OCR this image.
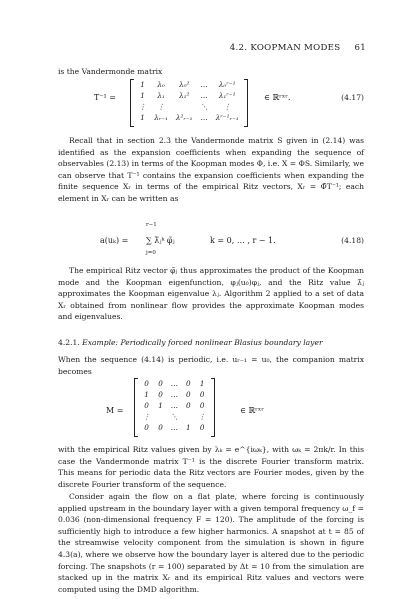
4.2. KOOPMAN MODES 61
is the Vandermonde matrix
T⁻¹ =
1	λ₀	λ₀²	…	λ₀ʳ⁻¹
1	λ₁	λ₁²	…	λ₁ʳ⁻¹
⋮	⋮		⋱	⋮
1	λᵣ₋₁	λ²ᵣ₋₁	…	λʳ⁻¹ᵣ₋₁
∈ ℝʳˣʳ.	(4.17)
Recall that in section 2.3 the Vandermonde matrix S given in (2.14) was identified as the expansion coefficients when expanding the sequence of observables (2.13) in terms of the Koopman modes Φ, i.e. X = ΦS. Similarly, we can observe that T⁻¹ contains the expansion coefficients when expanding the finite sequence Xᵣ in terms of the empirical Ritz vectors, Xᵣ = Φ̃T⁻¹; each element in Xᵣ can be written as
a(uₖ) =
r−1
∑ λ̃ⱼᵏ φ̃ⱼ
j=0
k = 0, … , r − 1.	(4.18)
The empirical Ritz vector φ̃ⱼ thus approximates the product of the Koopman mode and the Koopman eigenfunction, φⱼ(u₀)φⱼ, and the Ritz value λ̃ⱼ approximates the Koopman eigenvalue λⱼ. Algorithm 2 applied to a set of data Xᵣ obtained from nonlinear flow provides the approximate Koopman modes and eigenvalues.
4.2.1. Example: Periodically forced nonlinear Blasius boundary layer
When the sequence (4.14) is periodic, i.e. uᵣ₋₁ = u₀, the companion matrix becomes
M =
0	0	…	0	1
1	0	…	0	0
0	1	…	0	0
⋮		⋱		⋮
0	0	…	1	0
∈ ℝʳˣʳ
with the empirical Ritz values given by λₖ = e^{iωₖ}, with ωₖ = 2πk/r. In this case the Vandermonde matrix T⁻¹ is the discrete Fourier transform matrix. This means for periodic data the Ritz vectors are Fourier modes, given by the discrete Fourier transform of the sequence.
Consider again the flow on a flat plate, where forcing is continuously applied upstream in the boundary layer with a given temporal frequency ω_f = 0.036 (non-dimensional frequency F = 120). The amplitude of the forcing is sufficiently high to introduce a few higher harmonics. A snapshot at t = 85 of the streamwise velocity component from the simulation is shown in figure 4.3(a), where we observe how the boundary layer is altered due to the periodic forcing. The snapshots (r = 100) separated by Δt = 10 from the simulation are stacked up in the matrix Xᵣ and its empirical Ritz values and vectors were computed using the DMD algorithm.
